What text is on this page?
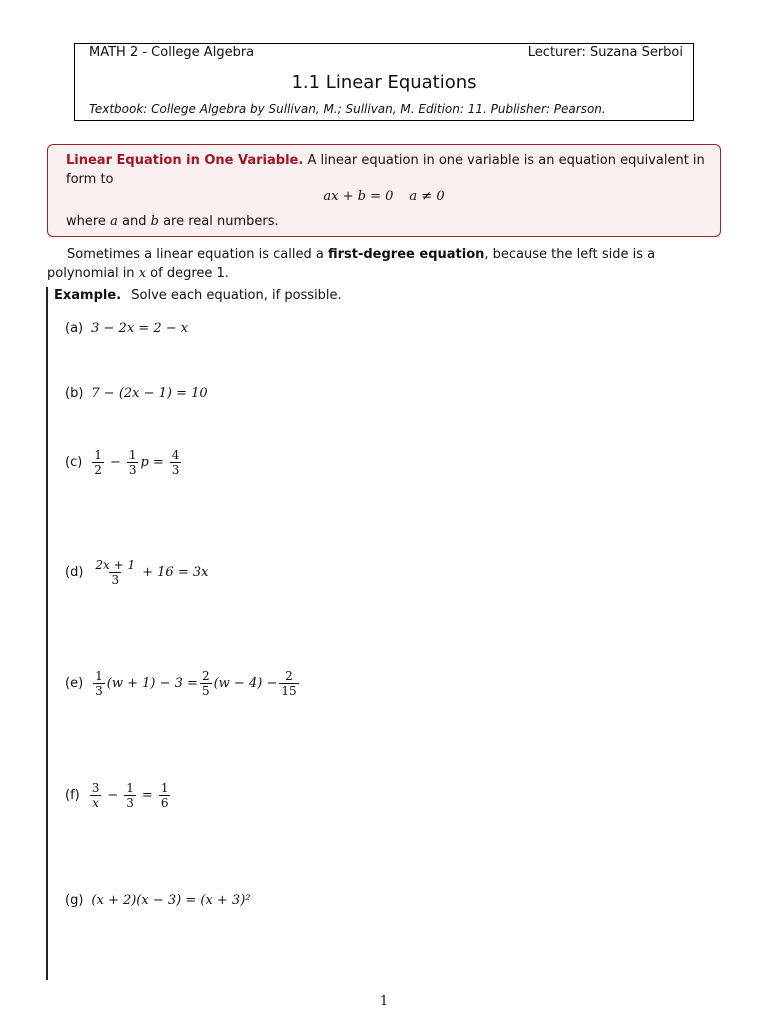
MATH 2 - College Algebra	Lecturer: Suzana Serboi
1.1 Linear Equations
Textbook: College Algebra by Sullivan, M.; Sullivan, M. Edition: 11. Publisher: Pearson.
Linear Equation in One Variable. A linear equation in one variable is an equation equivalent in
form to
ax + b = 0 a ≠ 0
where a and b are real numbers.
Sometimes a linear equation is called a first-degree equation, because the left side is a polynomial in x of degree 1.
Example. Solve each equation, if possible.
(a) 3 − 2x = 2 − x
(b) 7 − (2x − 1) = 10
$(c) \frac{1}{2} - \frac{1}{3}$ $p = \frac{4}{3}$
$(d) \frac{2x + 1}{3} + 16 = 3x$
$(e) \frac{1}{3} (w + 1) - 3 = \frac{2}{5} (w - 4) - \frac{2}{15}$
$(f) \frac{3}{x} - \frac{1}{3} = \frac{1}{6}$
(g) (x + 2)(x − 3) = (x + 3)²
1
